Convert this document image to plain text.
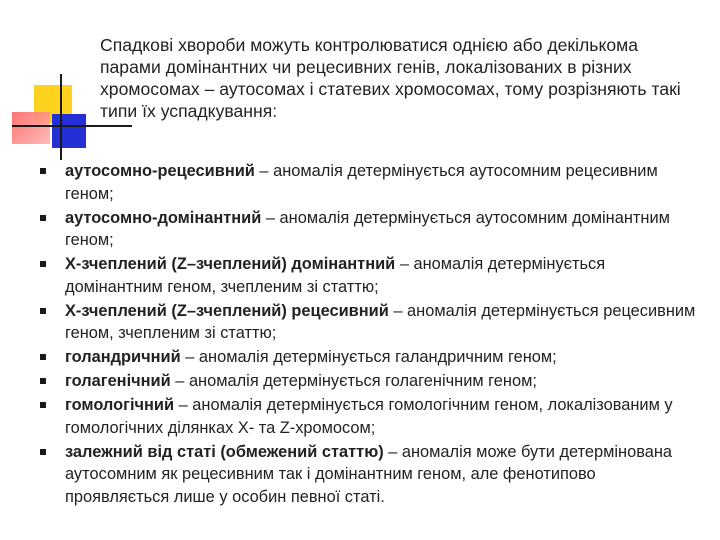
Спадкові хвороби можуть контролюватися однією або декількома парами домінантних чи рецесивних генів, локалізованих в різних хромосомах – аутосомах і статевих хромосомах, тому розрізняють такі типи їх успадкування:

аутосомно-рецесивний – аномалія детермінується аутосомним рецесивним геном;
аутосомно-домінантний – аномалія детермінується аутосомним домінантним геном;
Х-зчеплений (Z–зчеплений) домінантний – аномалія детермінується домінантним геном, зчепленим зі статтю;
Х-зчеплений (Z–зчеплений) рецесивний – аномалія детермінується рецесивним геном, зчепленим зі статтю;
голандричний – аномалія детермінується галандричним геном;
голагенічний – аномалія детермінується голагенічним геном;
гомологічний – аномалія детермінується гомологічним геном, локалізованим у гомологічних ділянках Х- та Z-хромосом;
залежний від статі (обмежений статтю) – аномалія може бути детермінована аутосомним як рецесивним так і домінантним геном, але фенотипово проявляється лише у особин певної статі.
